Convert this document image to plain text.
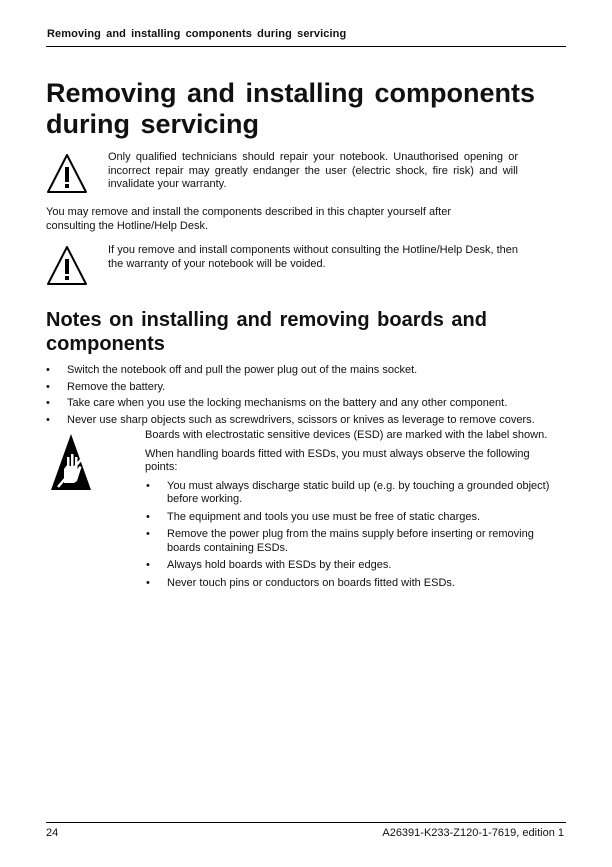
Removing and installing components during servicing
Removing and installing components during servicing

Only qualified technicians should repair your notebook. Unauthorised opening or incorrect repair may greatly endanger the user (electric shock, fire risk) and will invalidate your warranty.

You may remove and install the components described in this chapter yourself after consulting the Hotline/Help Desk.

If you remove and install components without consulting the Hotline/Help Desk, then the warranty of your notebook will be voided.

Notes on installing and removing boards and components
• Switch the notebook off and pull the power plug out of the mains socket.
• Remove the battery.
• Take care when you use the locking mechanisms on the battery and any other component.
• Never use sharp objects such as screwdrivers, scissors or knives as leverage to remove covers.

Boards with electrostatic sensitive devices (ESD) are marked with the label shown.

When handling boards fitted with ESDs, you must always observe the following points:

• You must always discharge static build up (e.g. by touching a grounded object) before working.
• The equipment and tools you use must be free of static charges.
• Remove the power plug from the mains supply before inserting or removing boards containing ESDs.
• Always hold boards with ESDs by their edges.
• Never touch pins or conductors on boards fitted with ESDs.
24	A26391-K233-Z120-1-7619, edition 1
